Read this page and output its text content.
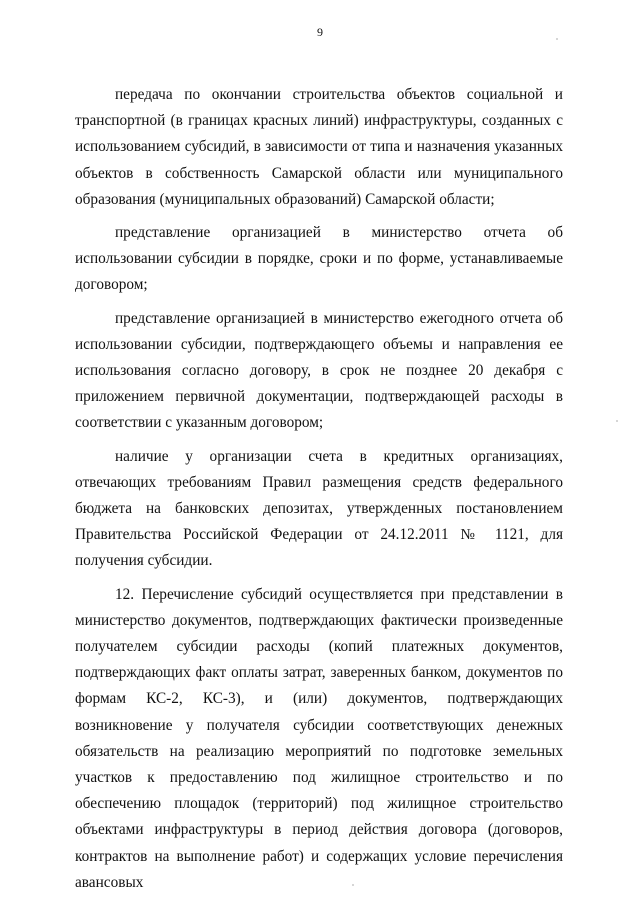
9

передача по окончании строительства объектов социальной и транспортной (в границах красных линий) инфраструктуры, созданных с использованием субсидий, в зависимости от типа и назначения указанных объектов в собственность Самарской области или муниципального образования (муниципальных образований) Самарской области;

представление организацией в министерство отчета об использовании субсидии в порядке, сроки и по форме, устанавливаемые договором;

представление организацией в министерство ежегодного отчета об использовании субсидии, подтверждающего объемы и направления ее использования согласно договору, в срок не позднее 20 декабря с приложением первичной документации, подтверждающей расходы в соответствии с указанным договором;

наличие у организации счета в кредитных организациях, отвечающих требованиям Правил размещения средств федерального бюджета на банковских депозитах, утвержденных постановлением Правительства Российской Федерации от 24.12.2011 № 1121, для получения субсидии.

12. Перечисление субсидий осуществляется при представлении в министерство документов, подтверждающих фактически произведенные получателем субсидии расходы (копий платежных документов, подтверждающих факт оплаты затрат, заверенных банком, документов по формам КС-2, КС-3), и (или) документов, подтверждающих возникновение у получателя субсидии соответствующих денежных обязательств на реализацию мероприятий по подготовке земельных участков к предоставлению под жилищное строительство и по обеспечению площадок (территорий) под жилищное строительство объектами инфраструктуры в период действия договора (договоров, контрактов на выполнение работ) и содержащих условие перечисления авансовых
